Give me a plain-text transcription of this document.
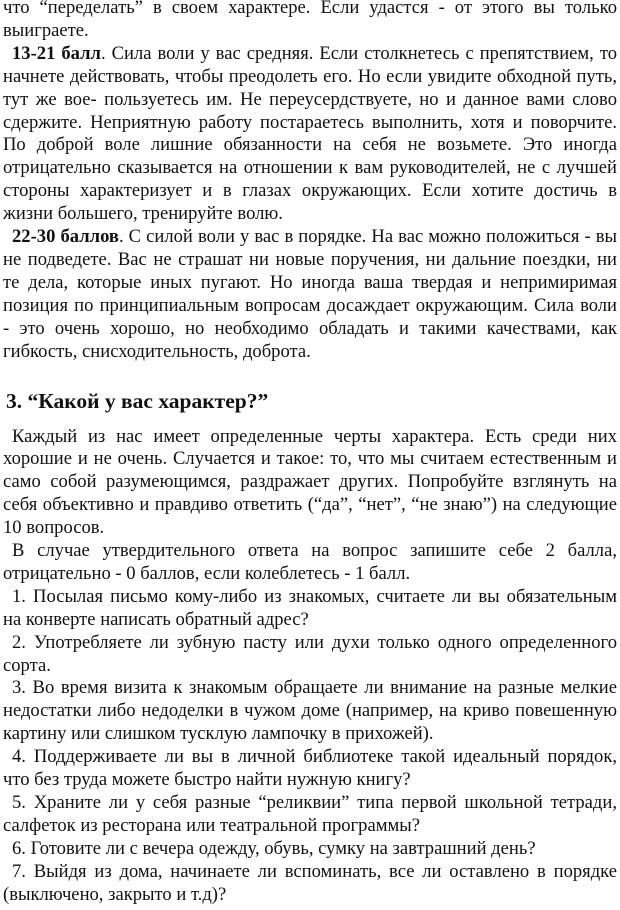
что “переделать” в своем характере. Если удастся - от этого вы только выиграете.

13-21 балл. Сила воли у вас средняя. Если столкнетесь с препятствием, то начнете действовать, чтобы преодолеть его. Но если увидите обходной путь, тут же вое- пользуетесь им. Не переусердствуете, но и данное вами слово сдержите. Неприятную работу постараетесь выполнить, хотя и поворчите. По доброй воле лишние обязанности на себя не возьмете. Это иногда отрицательно сказывается на отношении к вам руководителей, не с лучшей стороны характеризует и в глазах окружающих. Если хотите достичь в жизни большего, тренируйте волю.

22-30 баллов. С силой воли у вас в порядке. На вас можно положиться - вы не подведете. Вас не страшат ни новые поручения, ни дальние поездки, ни те дела, которые иных пугают. Но иногда ваша твердая и непримиримая позиция по принципиальным вопросам досаждает окружающим. Сила воли - это очень хорошо, но необходимо обладать и такими качествами, как гибкость, снисходительность, доброта.

3. “Какой у вас характер?”

Каждый из нас имеет определенные черты характера. Есть среди них хорошие и не очень. Случается и такое: то, что мы считаем естественным и само собой разумеющимся, раздражает других. Попробуйте взглянуть на себя объективно и правдиво ответить (“да”, “нет”, “не знаю”) на следующие 10 вопросов.

В случае утвердительного ответа на вопрос запишите себе 2 балла, отрицательно - 0 баллов, если колеблетесь - 1 балл.

1. Посылая письмо кому-либо из знакомых, считаете ли вы обязательным на конверте написать обратный адрес?

2. Употребляете ли зубную пасту или духи только одного определенного сорта.

3. Во время визита к знакомым обращаете ли внимание на разные мелкие недостатки либо недоделки в чужом доме (например, на криво повешенную картину или слишком тусклую лампочку в прихожей).

4. Поддерживаете ли вы в личной библиотеке такой идеальный порядок, что без труда можете быстро найти нужную книгу?

5. Храните ли у себя разные “реликвии” типа первой школьной тетради, салфеток из ресторана или театральной программы?

6. Готовите ли с вечера одежду, обувь, сумку на завтрашний день?

7. Выйдя из дома, начинаете ли вспоминать, все ли оставлено в порядке (выключено, закрыто и т.д)?
